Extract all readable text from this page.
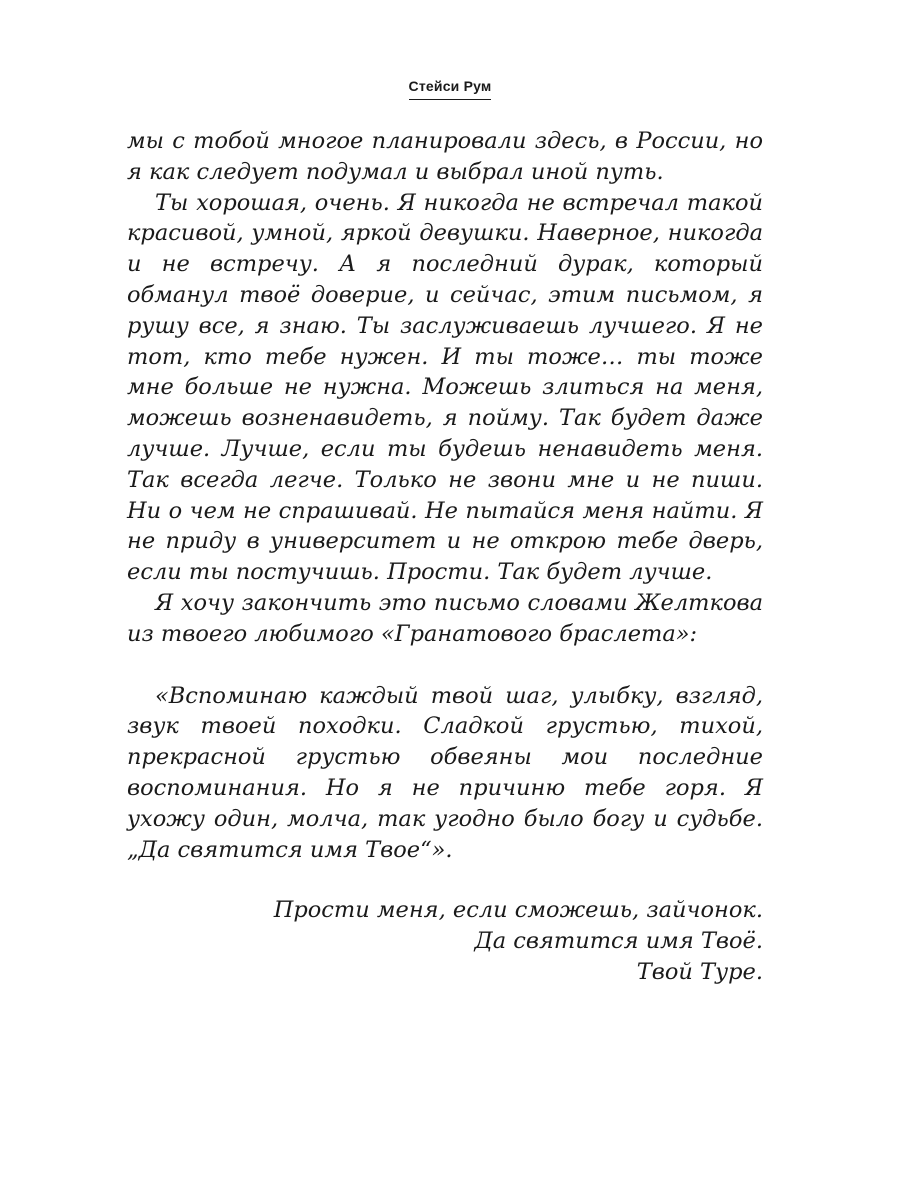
Стейси Рум

мы с тобой многое планировали здесь, в России, но я как следует подумал и выбрал иной путь.

Ты хорошая, очень. Я никогда не встречал такой красивой, умной, яркой девушки. Наверное, никогда и не встречу. А я последний дурак, который обманул твоё доверие, и сейчас, этим письмом, я рушу все, я знаю. Ты заслуживаешь лучшего. Я не тот, кто тебе нужен. И ты тоже… ты тоже мне больше не нужна. Можешь злиться на меня, можешь возненавидеть, я пойму. Так будет даже лучше. Лучше, если ты будешь ненавидеть меня. Так всегда легче. Только не звони мне и не пиши. Ни о чем не спрашивай. Не пытайся меня найти. Я не приду в университет и не открою тебе дверь, если ты постучишь. Прости. Так будет лучше.

Я хочу закончить это письмо словами Желткова из твоего любимого «Гранатового браслета»:

«Вспоминаю каждый твой шаг, улыбку, взгляд, звук твоей походки. Сладкой грустью, тихой, прекрасной грустью обвеяны мои последние воспоминания. Но я не причиню тебе горя. Я ухожу один, молча, так угодно было богу и судьбе. „Да святится имя Твое“».

Прости меня, если сможешь, зайчонок.

Да святится имя Твоё.

Твой Туре.
